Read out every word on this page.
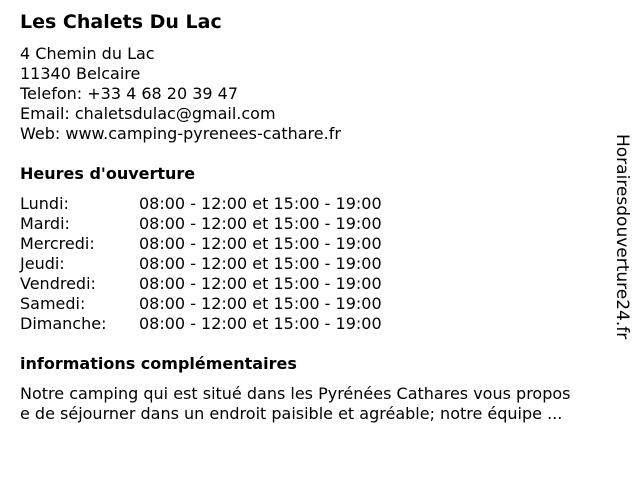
Les Chalets Du Lac
4 Chemin du Lac
11340 Belcaire
Telefon: +33 4 68 20 39 47
Email: chaletsdulac@gmail.com
Web: www.camping-pyrenees-cathare.fr
Heures d'ouverture
Lundi:	08:00 - 12:00 et 15:00 - 19:00
Mardi:	08:00 - 12:00 et 15:00 - 19:00
Mercredi:	08:00 - 12:00 et 15:00 - 19:00
Jeudi:	08:00 - 12:00 et 15:00 - 19:00
Vendredi:	08:00 - 12:00 et 15:00 - 19:00
Samedi:	08:00 - 12:00 et 15:00 - 19:00
Dimanche: 08:00 - 12:00 et 15:00 - 19:00
informations complémentaires
Notre camping qui est situé dans les Pyrénées Cathares vous propos
e de séjourner dans un endroit paisible et agréable; notre équipe ...
Horairesdouverture24.fr
